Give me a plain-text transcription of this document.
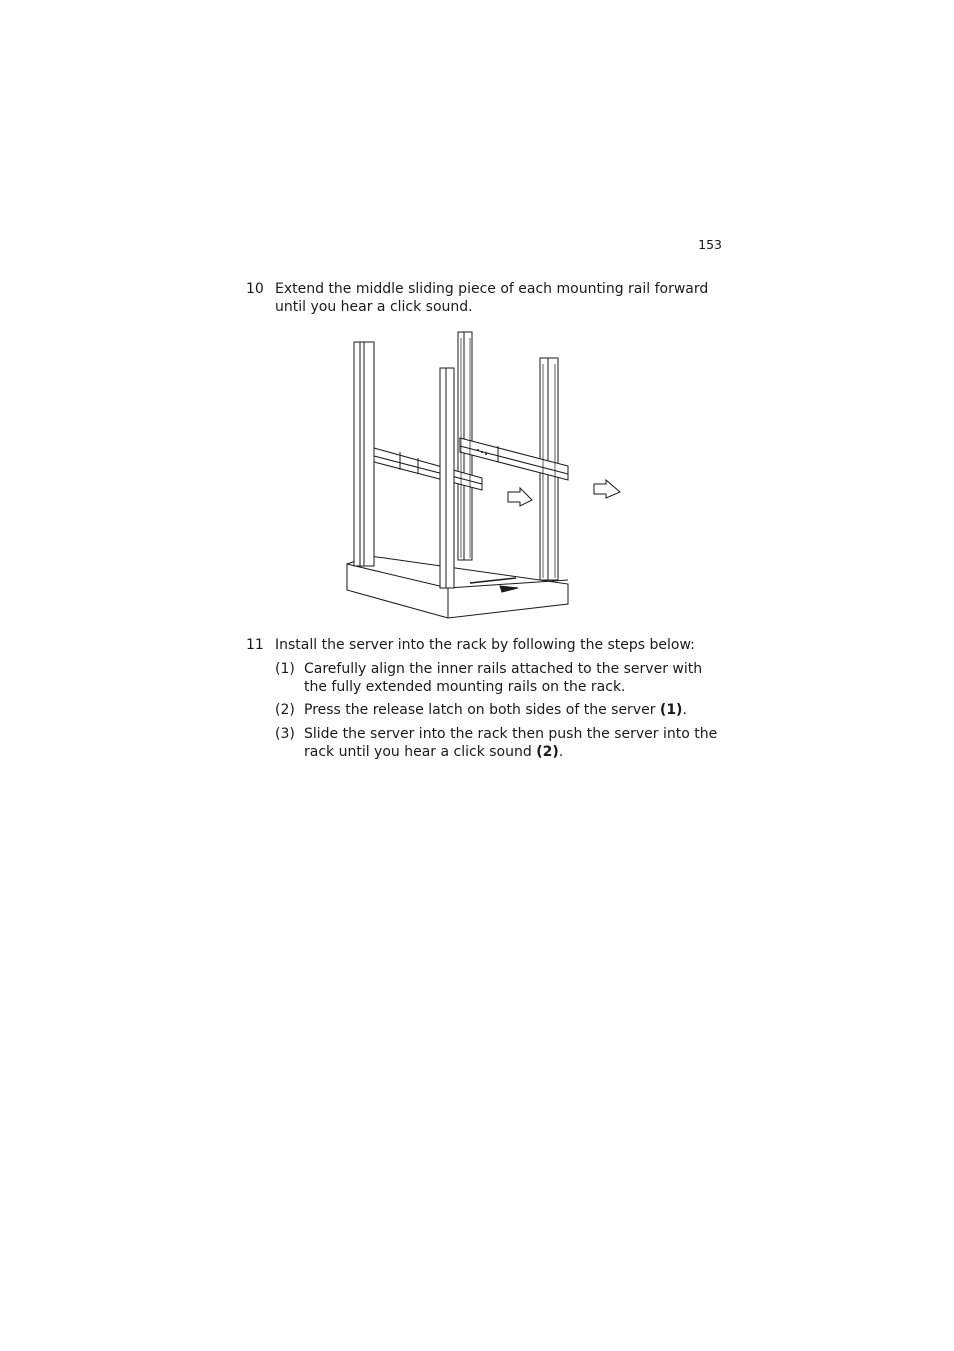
153
10 Extend the middle sliding piece of each mounting rail forward until you hear a click sound.
11 Install the server into the rack by following the steps below:
(1) Carefully align the inner rails attached to the server with the fully extended mounting rails on the rack.
(2) Press the release latch on both sides of the server (1).
(3) Slide the server into the rack then push the server into the rack until you hear a click sound (2).
